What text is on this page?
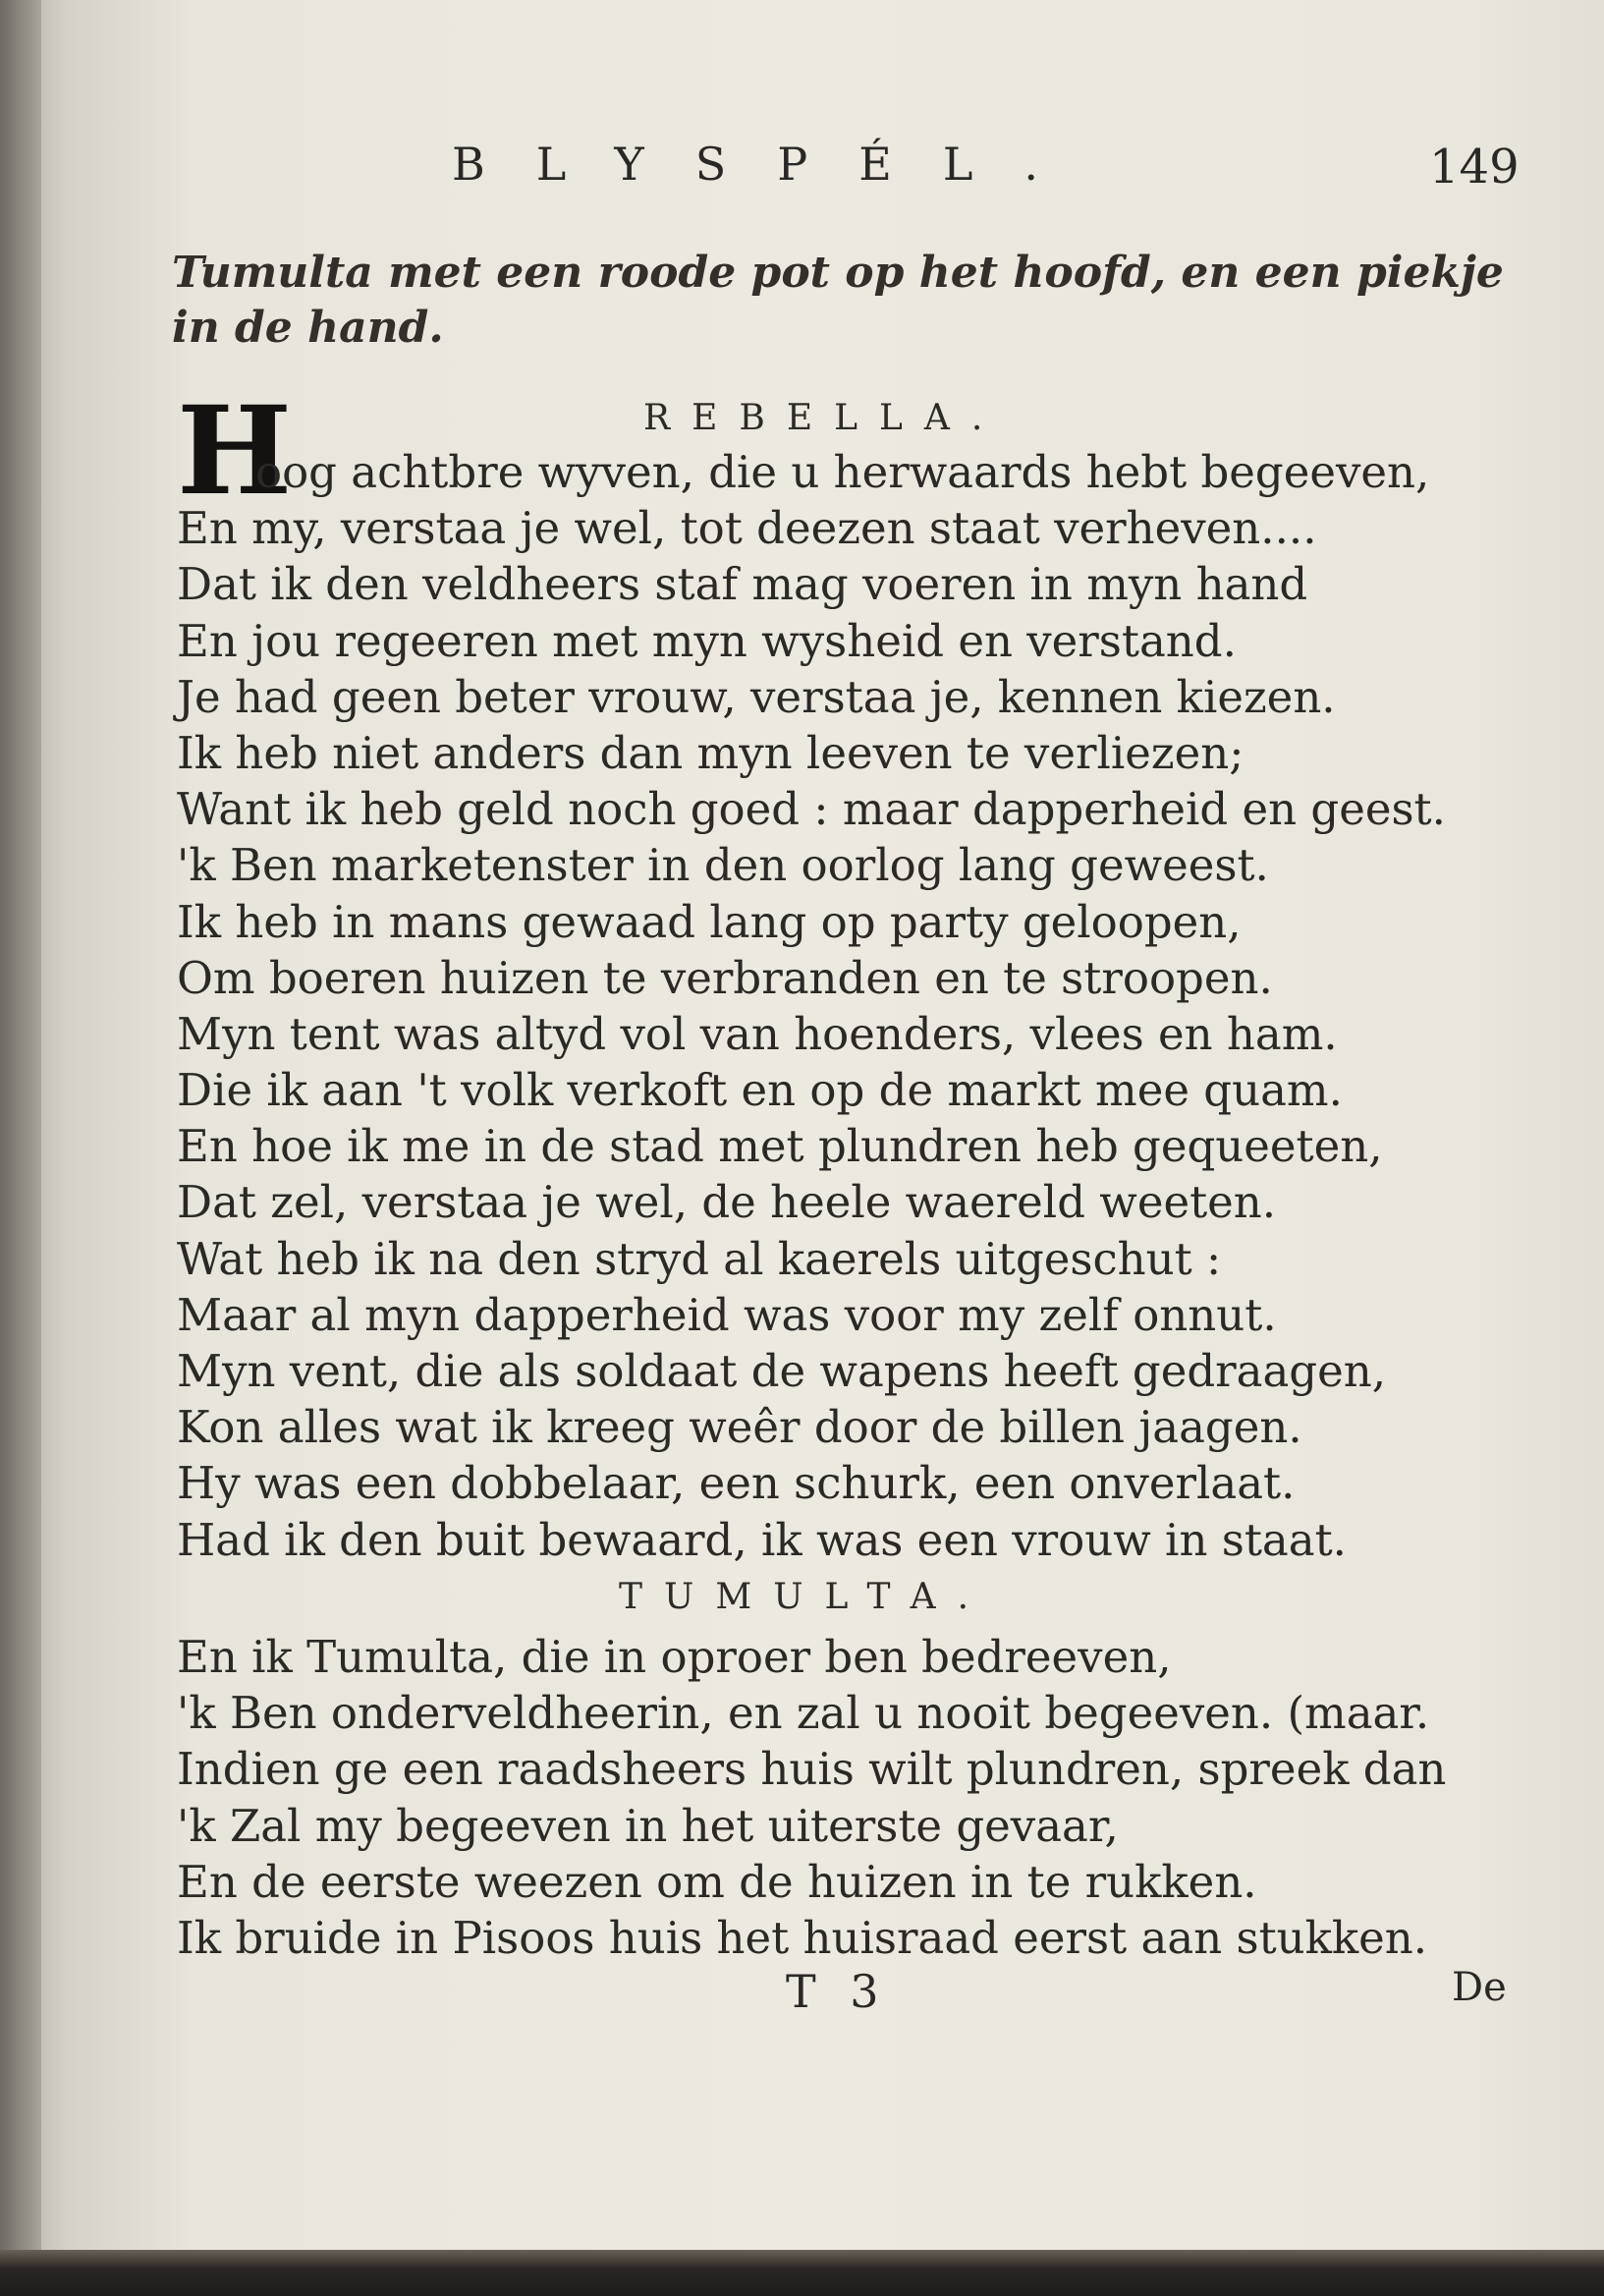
BLYSPÉL.	149
Tumulta met een roode pot op het hoofd, en een piekje in de hand.
REBELLA.
H
oog achtbre wyven, die u herwaards hebt begeeven,
En my, verstaa je wel, tot deezen staat verheven....
Dat ik den veldheers staf mag voeren in myn hand
En jou regeeren met myn wysheid en verstand.
Je had geen beter vrouw, verstaa je, kennen kiezen.
Ik heb niet anders dan myn leeven te verliezen;
Want ik heb geld noch goed : maar dapperheid en geest.
'k Ben marketenster in den oorlog lang geweest.
Ik heb in mans gewaad lang op party geloopen,
Om boeren huizen te verbranden en te stroopen.
Myn tent was altyd vol van hoenders, vlees en ham.
Die ik aan 't volk verkoft en op de markt mee quam.
En hoe ik me in de stad met plundren heb gequeeten,
Dat zel, verstaa je wel, de heele waereld weeten.
Wat heb ik na den stryd al kaerels uitgeschut :
Maar al myn dapperheid was voor my zelf onnut.
Myn vent, die als soldaat de wapens heeft gedraagen,
Kon alles wat ik kreeg weêr door de billen jaagen.
Hy was een dobbelaar, een schurk, een onverlaat.
Had ik den buit bewaard, ik was een vrouw in staat.
TUMULTA.
En ik Tumulta, die in oproer ben bedreeven,
'k Ben onderveldheerin, en zal u nooit begeeven. (maar.
Indien ge een raadsheers huis wilt plundren, spreek dan
'k Zal my begeeven in het uiterste gevaar,
En de eerste weezen om de huizen in te rukken.
Ik bruide in Pisoos huis het huisraad eerst aan stukken.
T 3	De
